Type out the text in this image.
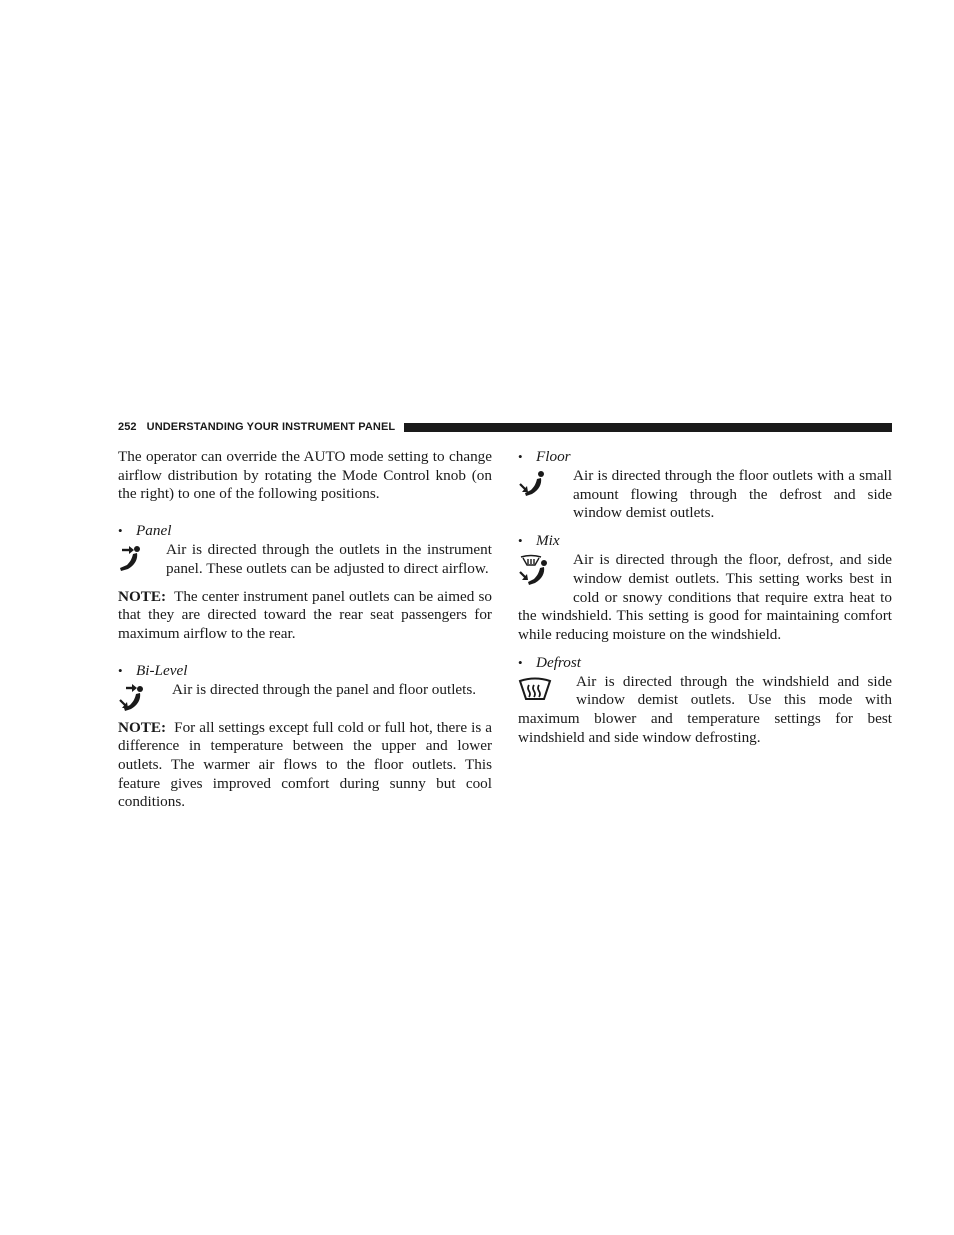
252 UNDERSTANDING YOUR INSTRUMENT PANEL

The operator can override the AUTO mode setting to change airflow distribution by rotating the Mode Control knob (on the right) to one of the following positions.

• Panel

Air is directed through the outlets in the instrument panel. These outlets can be adjusted to direct airflow.

NOTE: The center instrument panel outlets can be aimed so that they are directed toward the rear seat passengers for maximum airflow to the rear.

• Bi-Level

Air is directed through the panel and floor outlets.

NOTE: For all settings except full cold or full hot, there is a difference in temperature between the upper and lower outlets. The warmer air flows to the floor outlets. This feature gives improved comfort during sunny but cool conditions.

• Floor

Air is directed through the floor outlets with a small amount flowing through the defrost and side window demist outlets.

• Mix

Air is directed through the floor, defrost, and side window demist outlets. This setting works best in cold or snowy conditions that require extra heat to the windshield. This setting is good for maintaining comfort while reducing moisture on the windshield.

• Defrost

Air is directed through the windshield and side window demist outlets. Use this mode with maximum blower and temperature settings for best windshield and side window defrosting.
